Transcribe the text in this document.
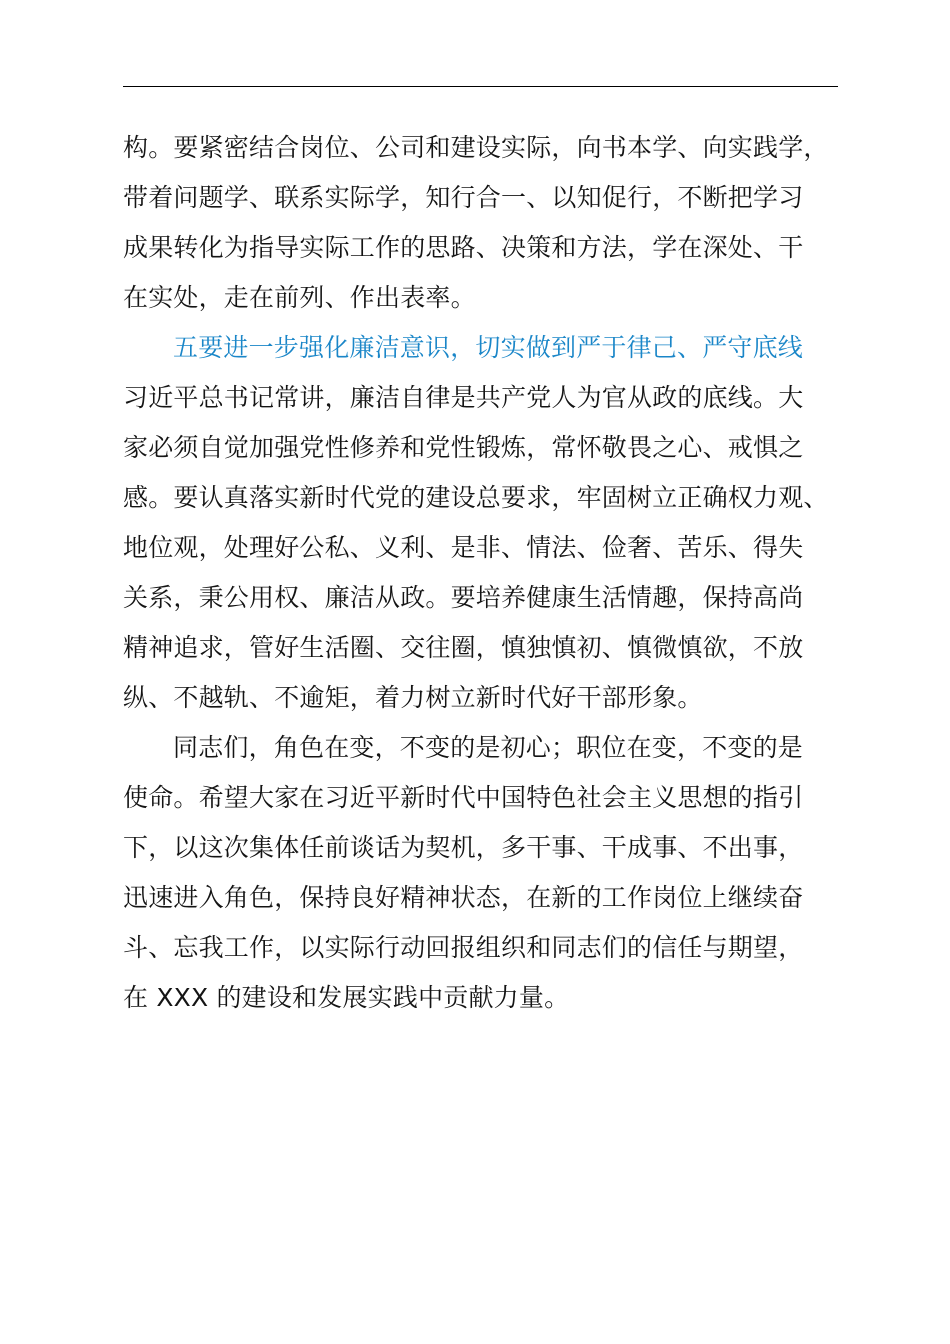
构。要紧密结合岗位、公司和建设实际，向书本学、向实践学，
带着问题学、联系实际学，知行合一、以知促行，不断把学习
成果转化为指导实际工作的思路、决策和方法，学在深处、干
在实处，走在前列、作出表率。
五要进一步强化廉洁意识，切实做到严于律己、严守底线
习近平总书记常讲，廉洁自律是共产党人为官从政的底线。大
家必须自觉加强党性修养和党性锻炼，常怀敬畏之心、戒惧之
感。要认真落实新时代党的建设总要求，牢固树立正确权力观、
地位观，处理好公私、义利、是非、情法、俭奢、苦乐、得失
关系，秉公用权、廉洁从政。要培养健康生活情趣，保持高尚
精神追求，管好生活圈、交往圈，慎独慎初、慎微慎欲，不放
纵、不越轨、不逾矩，着力树立新时代好干部形象。
同志们，角色在变，不变的是初心；职位在变，不变的是
使命。希望大家在习近平新时代中国特色社会主义思想的指引
下，以这次集体任前谈话为契机，多干事、干成事、不出事，
迅速进入角色，保持良好精神状态，在新的工作岗位上继续奋
斗、忘我工作，以实际行动回报组织和同志们的信任与期望，
在 XXX 的建设和发展实践中贡献力量。
